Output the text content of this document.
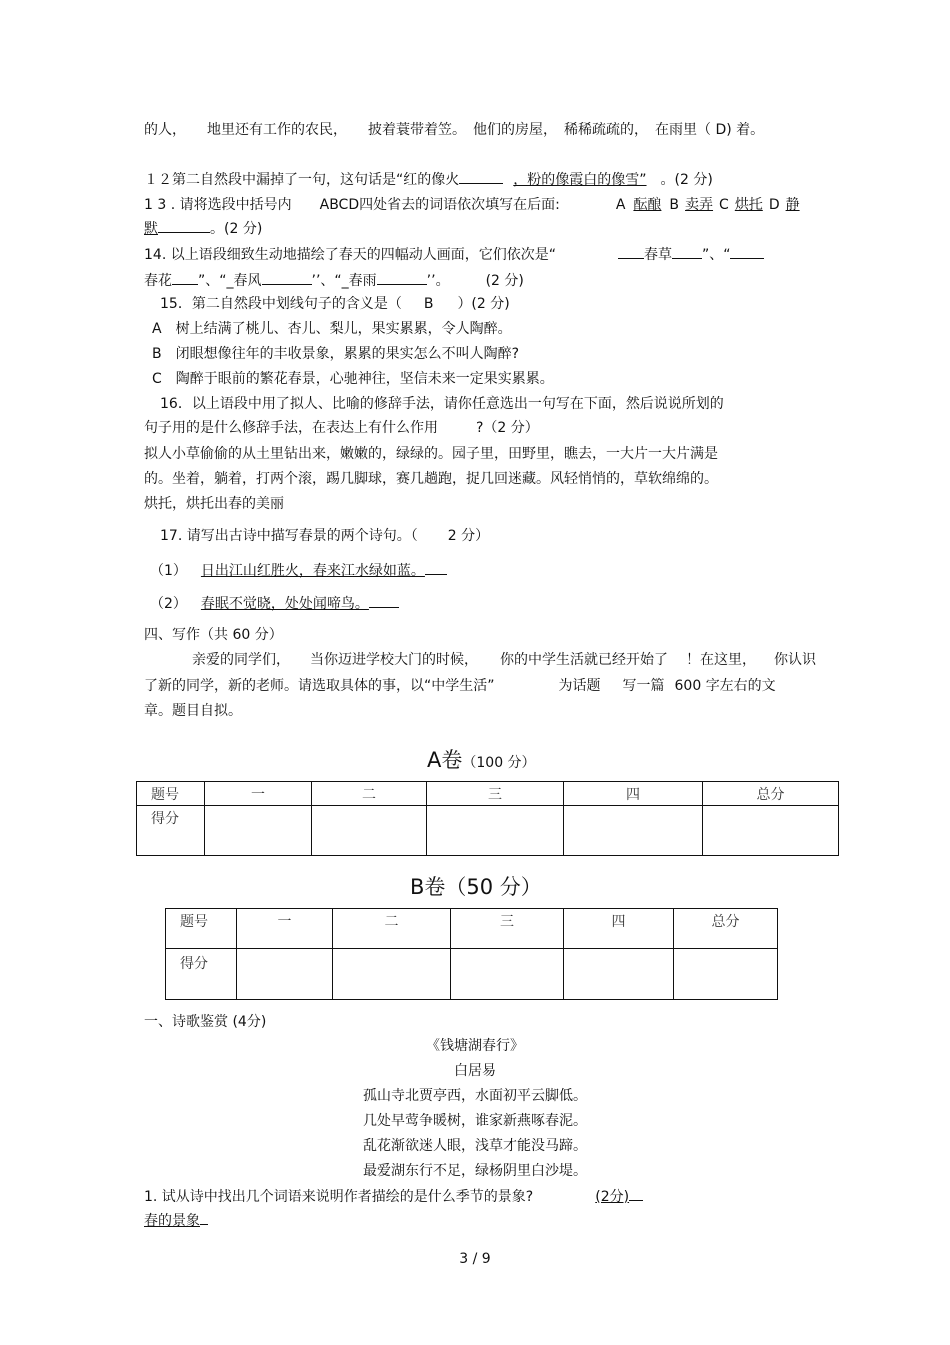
的人，　　地里还有工作的农民，　　披着蓑带着笠。　他们的房屋，　稀稀疏疏的，　在雨里（ D) 着。
１２第二自然段中漏掉了一句，这句话是“红的像火	，粉的像霞白的像雪” 。(2 分)
1 3 . 请将选段中括号内 ABCD四处省去的词语依次填写在后面:	A 酝酿 B 卖弄 C 烘托 D 静
默	。(2 分)
14. 以上语段细致生动地描绘了春天的四幅动人画面，它们依次是“	春草 ”、“
春花 ”、“_春风	’’、“_春雨	’’。	(2 分)
15．第二自然段中划线句子的含义是（ B ）(2 分)
A 树上结满了桃儿、杏儿、梨儿，果实累累，令人陶醉。
B 闭眼想像往年的丰收景象，累累的果实怎么不叫人陶醉?
C 陶醉于眼前的繁花春景，心驰神往，坚信未来一定果实累累。
16．以上语段中用了拟人、比喻的修辞手法，请你任意选出一句写在下面，然后说说所划的
句子用的是什么修辞手法，在表达上有什么作用	?（2 分）
拟人小草偷偷的从土里钻出来，嫩嫩的，绿绿的。园子里，田野里，瞧去，一大片一大片满是
的。坐着，躺着，打两个滚，踢几脚球，赛几趟跑，捉几回迷藏。风轻悄悄的，草软绵绵的。
烘托，烘托出春的美丽
17. 请写出古诗中描写春景的两个诗句。（ 2 分）
（1） 日出江山红胜火，春来江水绿如蓝。
（2） 春眠不觉晓，处处闻啼鸟。
四、写作（共 60 分）
亲爱的同学们， 当你迈进学校大门的时候， 你的中学生活就已经开始了 ！在这里， 你认识
了新的同学，新的老师。请选取具体的事，以“中学生活”	为话题 写一篇 600 字左右的文
章。题目自拟。
A卷（100 分）
题号	一	二	三	四	总分
得分					
B卷（50 分）
题号	一	二	三	四	总分
得分					
一、诗歌鉴赏 (4分)
《钱塘湖春行》
白居易
孤山寺北贾亭西，水面初平云脚低。
几处早莺争暖树，谁家新燕啄春泥。
乱花渐欲迷人眼，浅草才能没马蹄。
最爱湖东行不足，绿杨阴里白沙堤。
1. 试从诗中找出几个词语来说明作者描绘的是什么季节的景象?	(2分)
春的景象
3 / 9
